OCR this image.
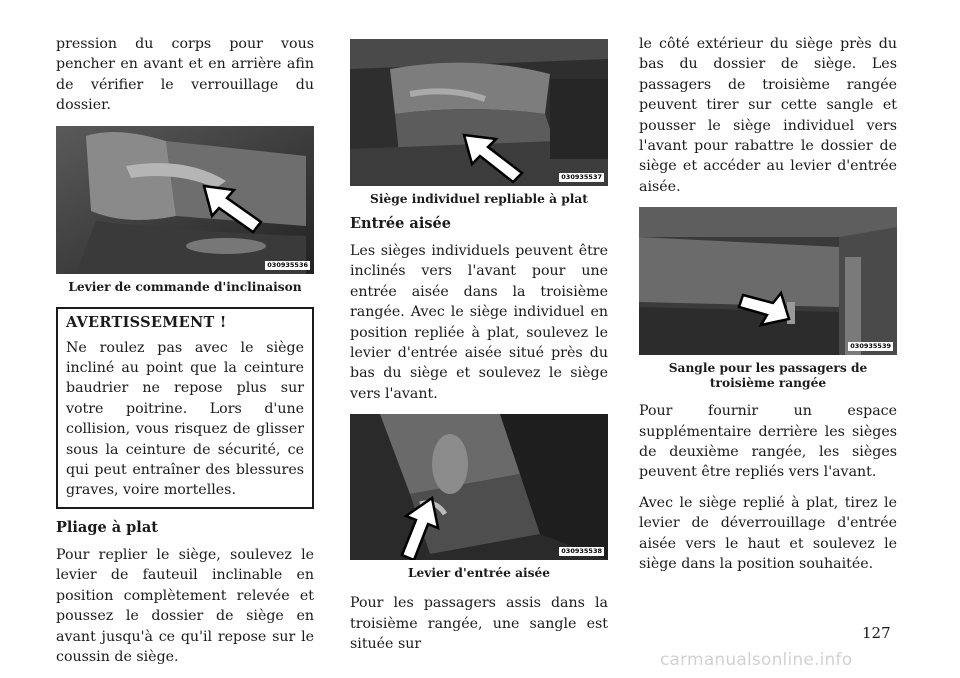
pression du corps pour vous pencher en avant et en arrière afin de vérifier le verrouillage du dossier.

030935536
Levier de commande d'inclinaison
AVERTISSEMENT !

Ne roulez pas avec le siège incliné au point que la ceinture baudrier ne repose plus sur votre poitrine. Lors d'une collision, vous risquez de glisser sous la ceinture de sécurité, ce qui peut entraîner des blessures graves, voire mortelles.

Pliage à plat

Pour replier le siège, soulevez le levier de fauteuil inclinable en position complètement relevée et poussez le dossier de siège en avant jusqu'à ce qu'il repose sur le coussin de siège.

030935537
Siège individuel repliable à plat
Entrée aisée

Les sièges individuels peuvent être inclinés vers l'avant pour une entrée aisée dans la troisième rangée. Avec le siège individuel en position repliée à plat, soulevez le levier d'entrée aisée situé près du bas du siège et soulevez le siège vers l'avant.

030935538
Levier d'entrée aisée

Pour les passagers assis dans la troisième rangée, une sangle est située sur

le côté extérieur du siège près du bas du dossier de siège. Les passagers de troisième rangée peuvent tirer sur cette sangle et pousser le siège individuel vers l'avant pour rabattre le dossier de siège et accéder au levier d'entrée aisée.

030935539
Sangle pour les passagers de
troisième rangée

Pour fournir un espace supplémentaire derrière les sièges de deuxième rangée, les sièges peuvent être repliés vers l'avant.

Avec le siège replié à plat, tirez le levier de déverrouillage d'entrée aisée vers le haut et soulevez le siège dans la position souhaitée.

127
carmanualsonline.info
